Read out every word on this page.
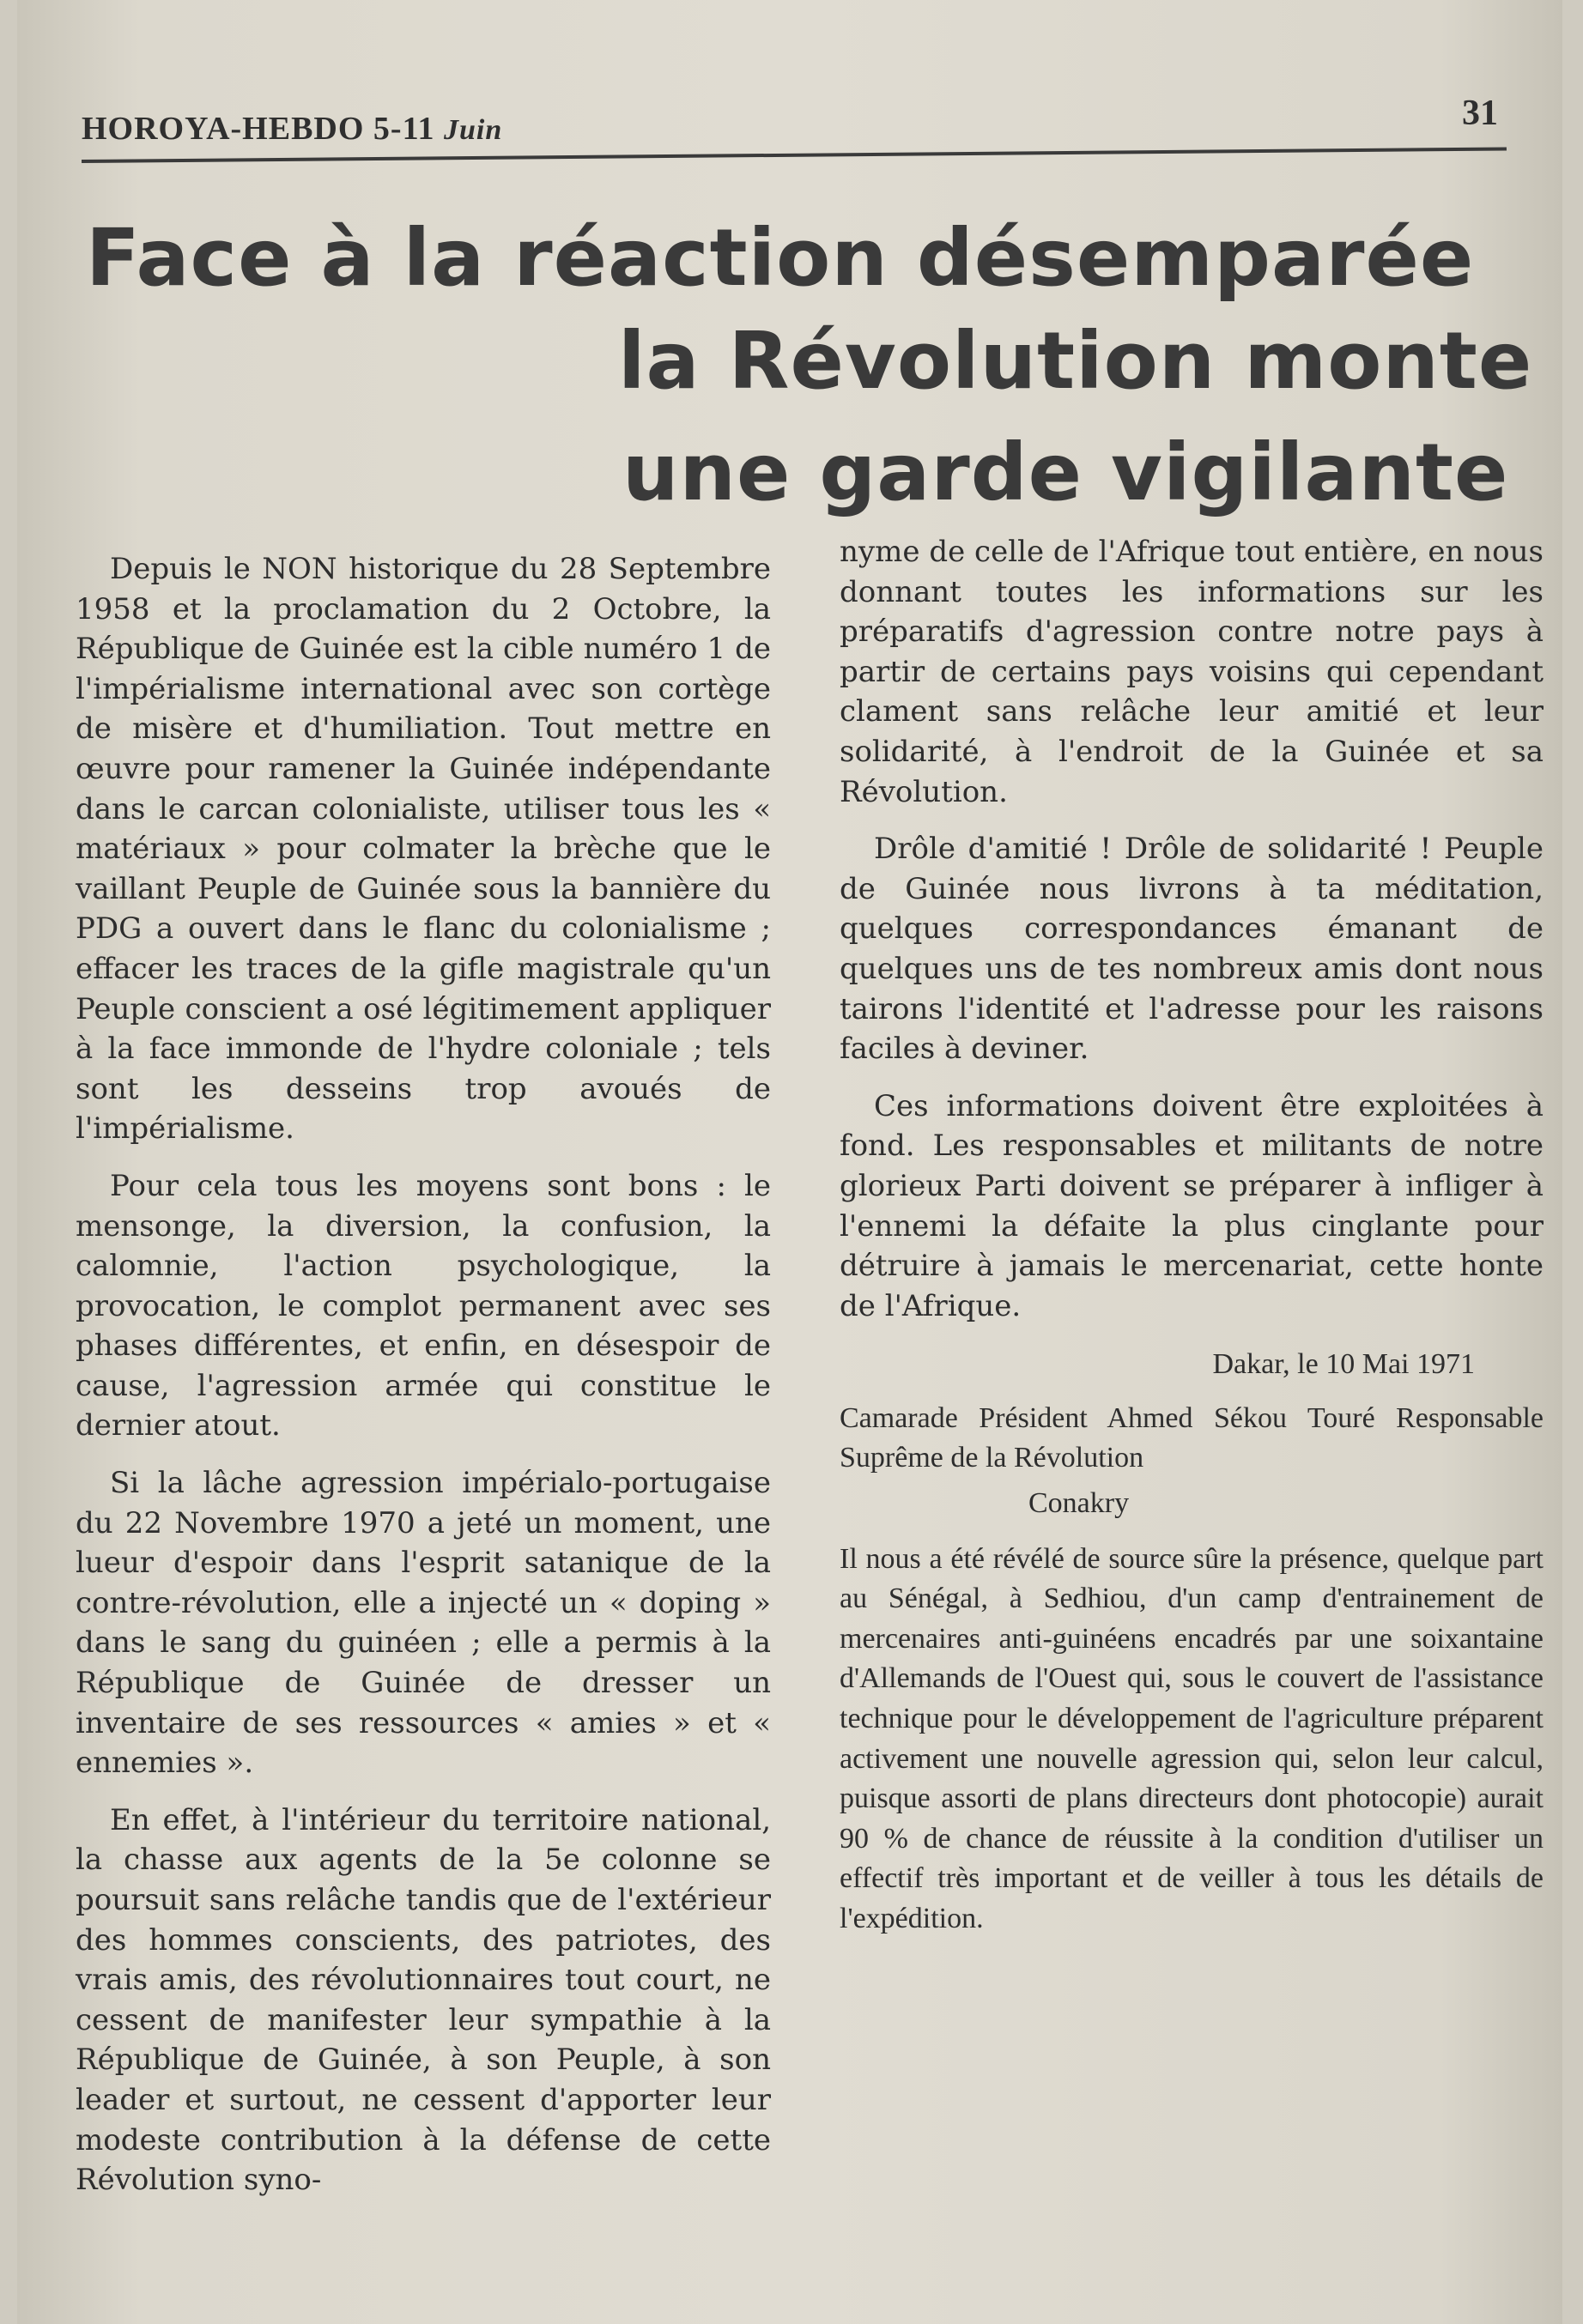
HOROYA-HEBDO 5-11 Juin	31
Face à la réaction désemparée
la Révolution monte
une garde vigilante

Depuis le NON historique du 28 Septembre 1958 et la proclamation du 2 Octobre, la République de Guinée est la cible numéro 1 de l'impérialisme international avec son cortège de misère et d'humiliation. Tout mettre en œuvre pour ramener la Guinée indépendante dans le carcan colonialiste, utiliser tous les « matériaux » pour colmater la brèche que le vaillant Peuple de Guinée sous la bannière du PDG a ouvert dans le flanc du colonialisme ; effacer les traces de la gifle magistrale qu'un Peuple conscient a osé légitimement appliquer à la face immonde de l'hydre coloniale ; tels sont les desseins trop avoués de l'impérialisme.

Pour cela tous les moyens sont bons : le mensonge, la diversion, la confusion, la calomnie, l'action psychologique, la provocation, le complot permanent avec ses phases différentes, et enfin, en désespoir de cause, l'agression armée qui constitue le dernier atout.

Si la lâche agression impérialo-portugaise du 22 Novembre 1970 a jeté un moment, une lueur d'espoir dans l'esprit satanique de la contre-révolution, elle a injecté un « doping » dans le sang du guinéen ; elle a permis à la République de Guinée de dresser un inventaire de ses ressources « amies » et « ennemies ».

En effet, à l'intérieur du territoire national, la chasse aux agents de la 5e colonne se poursuit sans relâche tandis que de l'extérieur des hommes conscients, des patriotes, des vrais amis, des révolutionnaires tout court, ne cessent de manifester leur sympathie à la République de Guinée, à son Peuple, à son leader et surtout, ne cessent d'apporter leur modeste contribution à la défense de cette Révolution syno-

nyme de celle de l'Afrique tout entière, en nous donnant toutes les informations sur les préparatifs d'agression contre notre pays à partir de certains pays voisins qui cependant clament sans relâche leur amitié et leur solidarité, à l'endroit de la Guinée et sa Révolution.

Drôle d'amitié ! Drôle de solidarité ! Peuple de Guinée nous livrons à ta méditation, quelques correspondances émanant de quelques uns de tes nombreux amis dont nous tairons l'identité et l'adresse pour les raisons faciles à deviner.

Ces informations doivent être exploitées à fond. Les responsables et militants de notre glorieux Parti doivent se préparer à infliger à l'ennemi la défaite la plus cinglante pour détruire à jamais le mercenariat, cette honte de l'Afrique.

Dakar, le 10 Mai 1971

Camarade Président Ahmed Sékou Touré Responsable Suprême de la Révolution

Conakry

Il nous a été révélé de source sûre la présence, quelque part au Sénégal, à Sedhiou, d'un camp d'entrainement de mercenaires anti-guinéens encadrés par une soixantaine d'Allemands de l'Ouest qui, sous le couvert de l'assistance technique pour le développement de l'agriculture préparent activement une nouvelle agression qui, selon leur calcul, puisque assorti de plans directeurs dont photocopie) aurait 90 % de chance de réussite à la condition d'utiliser un effectif très important et de veiller à tous les détails de l'expédition.
